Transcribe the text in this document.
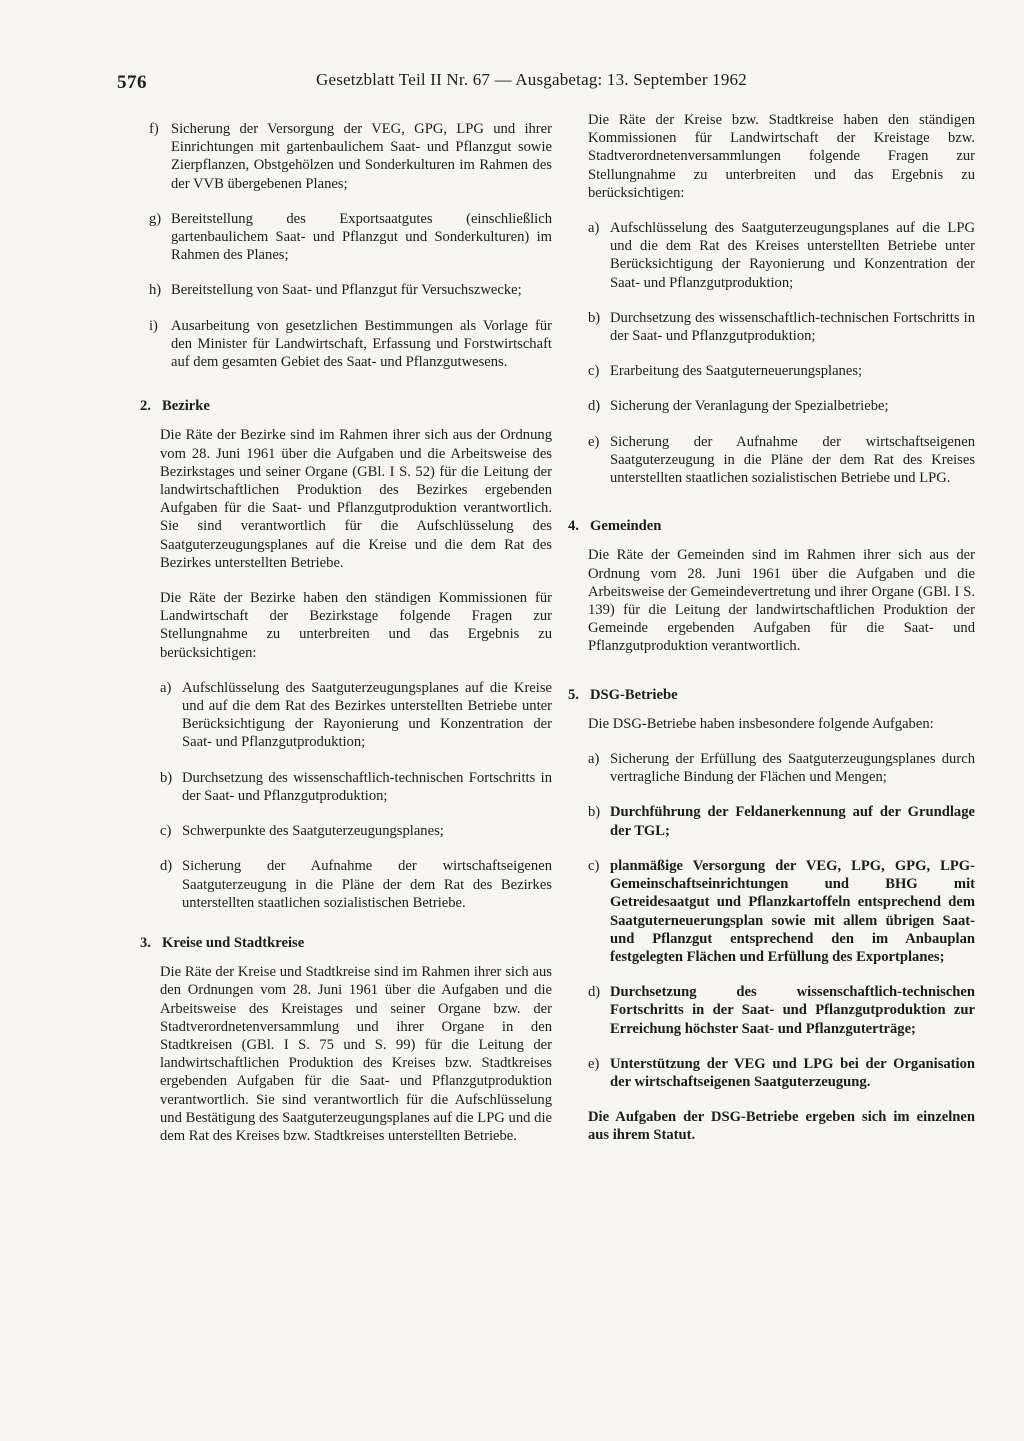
576	Gesetzblatt Teil II Nr. 67 — Ausgabetag: 13. September 1962
f) Sicherung der Versorgung der VEG, GPG, LPG und ihrer Einrichtungen mit gartenbaulichem Saat- und Pflanzgut sowie Zierpflanzen, Obstgehölzen und Sonderkulturen im Rahmen des der VVB übergebenen Planes;
g) Bereitstellung des Exportsaatgutes (einschließlich gartenbaulichem Saat- und Pflanzgut und Sonderkulturen) im Rahmen des Planes;
h) Bereitstellung von Saat- und Pflanzgut für Versuchszwecke;
i) Ausarbeitung von gesetzlichen Bestimmungen als Vorlage für den Minister für Landwirtschaft, Erfassung und Forstwirtschaft auf dem gesamten Gebiet des Saat- und Pflanzgutwesens.
2. Bezirke
Die Räte der Bezirke sind im Rahmen ihrer sich aus der Ordnung vom 28. Juni 1961 über die Aufgaben und die Arbeitsweise des Bezirkstages und seiner Organe (GBl. I S. 52) für die Leitung der landwirtschaftlichen Produktion des Bezirkes ergebenden Aufgaben für die Saat- und Pflanzgutproduktion verantwortlich. Sie sind verantwortlich für die Aufschlüsselung des Saatguterzeugungsplanes auf die Kreise und die dem Rat des Bezirkes unterstellten Betriebe.
Die Räte der Bezirke haben den ständigen Kommissionen für Landwirtschaft der Bezirkstage folgende Fragen zur Stellungnahme zu unterbreiten und das Ergebnis zu berücksichtigen:
a) Aufschlüsselung des Saatguterzeugungsplanes auf die Kreise und auf die dem Rat des Bezirkes unterstellten Betriebe unter Berücksichtigung der Rayonierung und Konzentration der Saat- und Pflanzgutproduktion;
b) Durchsetzung des wissenschaftlich-technischen Fortschritts in der Saat- und Pflanzgutproduktion;
c) Schwerpunkte des Saatguterzeugungsplanes;
d) Sicherung der Aufnahme der wirtschaftseigenen Saatguterzeugung in die Pläne der dem Rat des Bezirkes unterstellten staatlichen sozialistischen Betriebe.
3. Kreise und Stadtkreise
Die Räte der Kreise und Stadtkreise sind im Rahmen ihrer sich aus den Ordnungen vom 28. Juni 1961 über die Aufgaben und die Arbeitsweise des Kreistages und seiner Organe bzw. der Stadtverordnetenversammlung und ihrer Organe in den Stadtkreisen (GBl. I S. 75 und S. 99) für die Leitung der landwirtschaftlichen Produktion des Kreises bzw. Stadtkreises ergebenden Aufgaben für die Saat- und Pflanzgutproduktion verantwortlich. Sie sind verantwortlich für die Aufschlüsselung und Bestätigung des Saatguterzeugungsplanes auf die LPG und die dem Rat des Kreises bzw. Stadtkreises unterstellten Betriebe.
Die Räte der Kreise bzw. Stadtkreise haben den ständigen Kommissionen für Landwirtschaft der Kreistage bzw. Stadtverordnetenversammlungen folgende Fragen zur Stellungnahme zu unterbreiten und das Ergebnis zu berücksichtigen:
a) Aufschlüsselung des Saatguterzeugungsplanes auf die LPG und die dem Rat des Kreises unterstellten Betriebe unter Berücksichtigung der Rayonierung und Konzentration der Saat- und Pflanzgutproduktion;
b) Durchsetzung des wissenschaftlich-technischen Fortschritts in der Saat- und Pflanzgutproduktion;
c) Erarbeitung des Saatguterneuerungsplanes;
d) Sicherung der Veranlagung der Spezialbetriebe;
e) Sicherung der Aufnahme der wirtschaftseigenen Saatguterzeugung in die Pläne der dem Rat des Kreises unterstellten staatlichen sozialistischen Betriebe und LPG.
4. Gemeinden
Die Räte der Gemeinden sind im Rahmen ihrer sich aus der Ordnung vom 28. Juni 1961 über die Aufgaben und die Arbeitsweise der Gemeindevertretung und ihrer Organe (GBl. I S. 139) für die Leitung der landwirtschaftlichen Produktion der Gemeinde ergebenden Aufgaben für die Saat- und Pflanzgutproduktion verantwortlich.
5. DSG-Betriebe
Die DSG-Betriebe haben insbesondere folgende Aufgaben:
a) Sicherung der Erfüllung des Saatguterzeugungsplanes durch vertragliche Bindung der Flächen und Mengen;
b) Durchführung der Feldanerkennung auf der Grundlage der TGL;
c) planmäßige Versorgung der VEG, LPG, GPG, LPG-Gemeinschaftseinrichtungen und BHG mit Getreidesaatgut und Pflanzkartoffeln entsprechend dem Saatguterneuerungsplan sowie mit allem übrigen Saat- und Pflanzgut entsprechend den im Anbauplan festgelegten Flächen und Erfüllung des Exportplanes;
d) Durchsetzung des wissenschaftlich-technischen Fortschritts in der Saat- und Pflanzgutproduktion zur Erreichung höchster Saat- und Pflanzguterträge;
e) Unterstützung der VEG und LPG bei der Organisation der wirtschaftseigenen Saatguterzeugung.
Die Aufgaben der DSG-Betriebe ergeben sich im einzelnen aus ihrem Statut.
